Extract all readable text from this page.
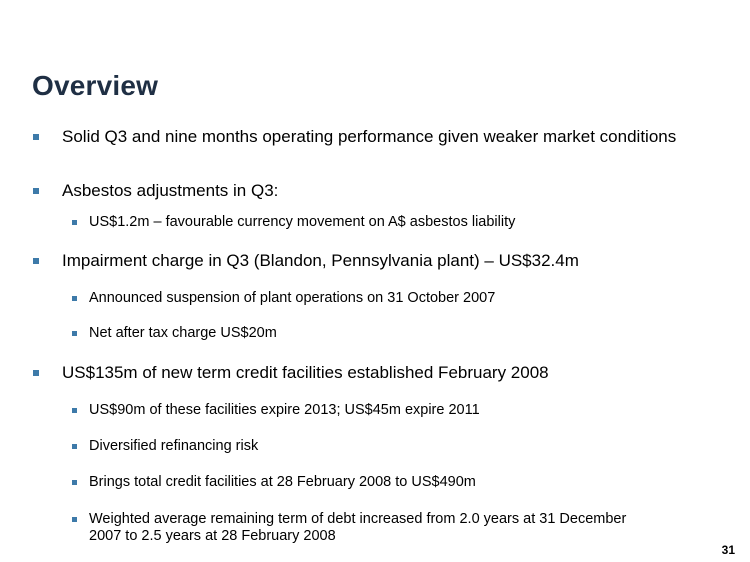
Overview
Solid Q3 and nine months operating performance given weaker market conditions
Asbestos adjustments in Q3:
US$1.2m – favourable currency movement on A$ asbestos liability
Impairment charge in Q3 (Blandon, Pennsylvania plant) – US$32.4m
Announced suspension of plant operations on 31 October 2007
Net after tax charge US$20m
US$135m of new term credit facilities established February 2008
US$90m of these facilities expire 2013; US$45m expire 2011
Diversified refinancing risk
Brings total credit facilities at 28 February 2008 to US$490m
Weighted average remaining term of debt increased from 2.0 years at 31 December 2007 to 2.5 years at 28 February 2008
31
